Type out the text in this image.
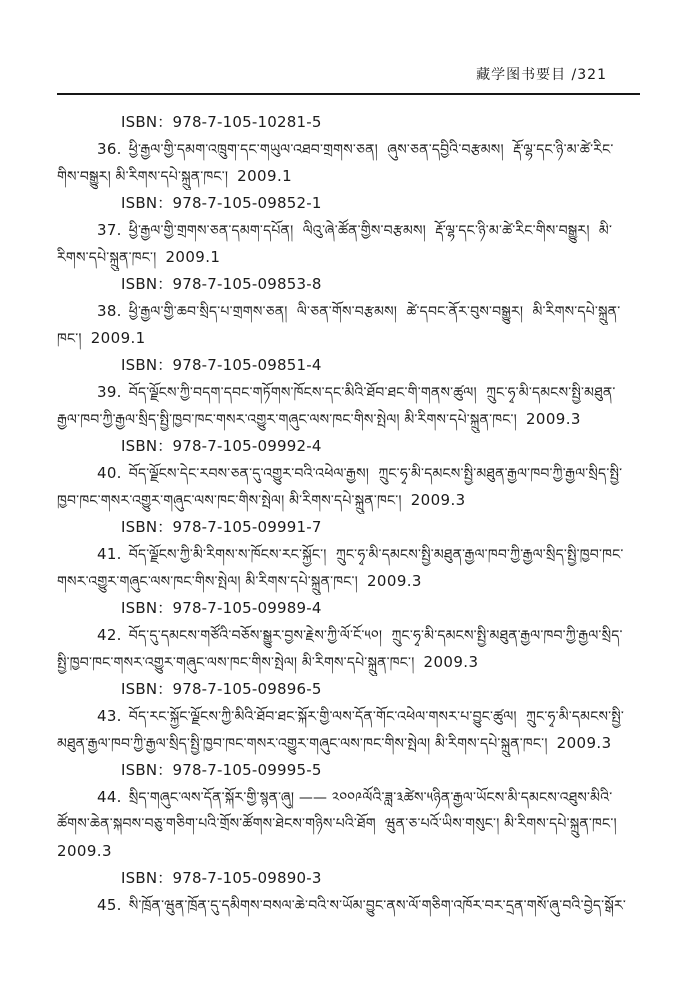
藏学图书要目 /321
ISBN：978-7-105-10281-5
36. ཕྱི་རྒྱལ་གྱི་དམག་འཁྲུག་དང་གཡུལ་འཐབ་གྲགས་ཅན།  ཞུས་ཅན་དབྱིའི་བརྩམས།  རྡོ་ལྷ་དང་ཉི་མ་ཚེ་རིང་
གིས་བསྒྱུར། མི་རིགས་དཔེ་སྐྲུན་ཁང་། 2009.1
ISBN：978-7-105-09852-1
37. ཕྱི་རྒྱལ་གྱི་གྲགས་ཅན་དམག་དཔོན།  ལིའུ་ཞེ་ཚོན་གྱིས་བརྩམས།  རྡོ་ལྷ་དང་ཉི་མ་ཚེ་རིང་གིས་བསྒྱུར།  མི་
རིགས་དཔེ་སྐྲུན་ཁང་། 2009.1
ISBN：978-7-105-09853-8
38. ཕྱི་རྒྱལ་གྱི་ཆབ་སྲིད་པ་གྲགས་ཅན།  ལི་ཅན་གོས་བརྩམས།  ཚེ་དབང་ནོར་བུས་བསྒྱུར།  མི་རིགས་དཔེ་སྐྲུན་
ཁང་། 2009.1
ISBN：978-7-105-09851-4
39. བོད་ལྗོངས་ཀྱི་བདག་དབང་གཏོགས་ཁོངས་དང་མིའི་ཐོབ་ཐང་གི་གནས་ཚུལ།  ཀྲུང་ཧྭ་མི་དམངས་སྤྱི་མཐུན་
རྒྱལ་ཁབ་ཀྱི་རྒྱལ་སྲིད་སྤྱི་ཁྱབ་ཁང་གསར་འགྱུར་གཞུང་ལས་ཁང་གིས་སྤེལ། མི་རིགས་དཔེ་སྐྲུན་ཁང་། 2009.3
ISBN：978-7-105-09992-4
40. བོད་ལྗོངས་དེང་རབས་ཅན་དུ་འགྱུར་བའི་འཕེལ་རྒྱས།  ཀྲུང་ཧྭ་མི་དམངས་སྤྱི་མཐུན་རྒྱལ་ཁབ་ཀྱི་རྒྱལ་སྲིད་སྤྱི་
ཁྱབ་ཁང་གསར་འགྱུར་གཞུང་ལས་ཁང་གིས་སྤེལ། མི་རིགས་དཔེ་སྐྲུན་ཁང་། 2009.3
ISBN：978-7-105-09991-7
41. བོད་ལྗོངས་ཀྱི་མི་རིགས་ས་ཁོངས་རང་སྐྱོང་།  ཀྲུང་ཧྭ་མི་དམངས་སྤྱི་མཐུན་རྒྱལ་ཁབ་ཀྱི་རྒྱལ་སྲིད་སྤྱི་ཁྱབ་ཁང་
གསར་འགྱུར་གཞུང་ལས་ཁང་གིས་སྤེལ། མི་རིགས་དཔེ་སྐྲུན་ཁང་། 2009.3
ISBN：978-7-105-09989-4
42. བོད་དུ་དམངས་གཙོའི་བཅོས་སྒྱུར་བྱས་རྗེས་ཀྱི་ལོ་ངོ་༥༠།  ཀྲུང་ཧྭ་མི་དམངས་སྤྱི་མཐུན་རྒྱལ་ཁབ་ཀྱི་རྒྱལ་སྲིད་
སྤྱི་ཁྱབ་ཁང་གསར་འགྱུར་གཞུང་ལས་ཁང་གིས་སྤེལ། མི་རིགས་དཔེ་སྐྲུན་ཁང་། 2009.3
ISBN：978-7-105-09896-5
43. བོད་རང་སྐྱོང་ལྗོངས་ཀྱི་མིའི་ཐོབ་ཐང་སྐོར་གྱི་ལས་དོན་གོང་འཕེལ་གསར་པ་བྱུང་ཚུལ།  ཀྲུང་ཧྭ་མི་དམངས་སྤྱི་
མཐུན་རྒྱལ་ཁབ་ཀྱི་རྒྱལ་སྲིད་སྤྱི་ཁྱབ་ཁང་གསར་འགྱུར་གཞུང་ལས་ཁང་གིས་སྤེལ། མི་རིགས་དཔེ་སྐྲུན་ཁང་། 2009.3
ISBN：978-7-105-09995-5
44. སྲིད་གཞུང་ལས་དོན་སྐོར་གྱི་སྙན་ཞུ། —— ༢༠༠༩ལོའི་ཟླ་༣ཚེས་༥ཉིན་རྒྱལ་ཡོངས་མི་དམངས་འཐུས་མིའི་
ཚོགས་ཆེན་སྐབས་བཅུ་གཅིག་པའི་གྲོས་ཚོགས་ཐེངས་གཉིས་པའི་ཐོག  ཝུན་ཅ་པའོ་ཡིས་གསུང་། མི་རིགས་དཔེ་སྐྲུན་ཁང་།
2009.3
ISBN：978-7-105-09890-3
45. སི་ཁྲོན་ཝུན་ཁྲོན་དུ་དམིགས་བསལ་ཆེ་བའི་ས་ཡོམ་བྱུང་ནས་ལོ་གཅིག་འཁོར་བར་དྲན་གསོ་ཞུ་བའི་བྱེད་སྒོར་
